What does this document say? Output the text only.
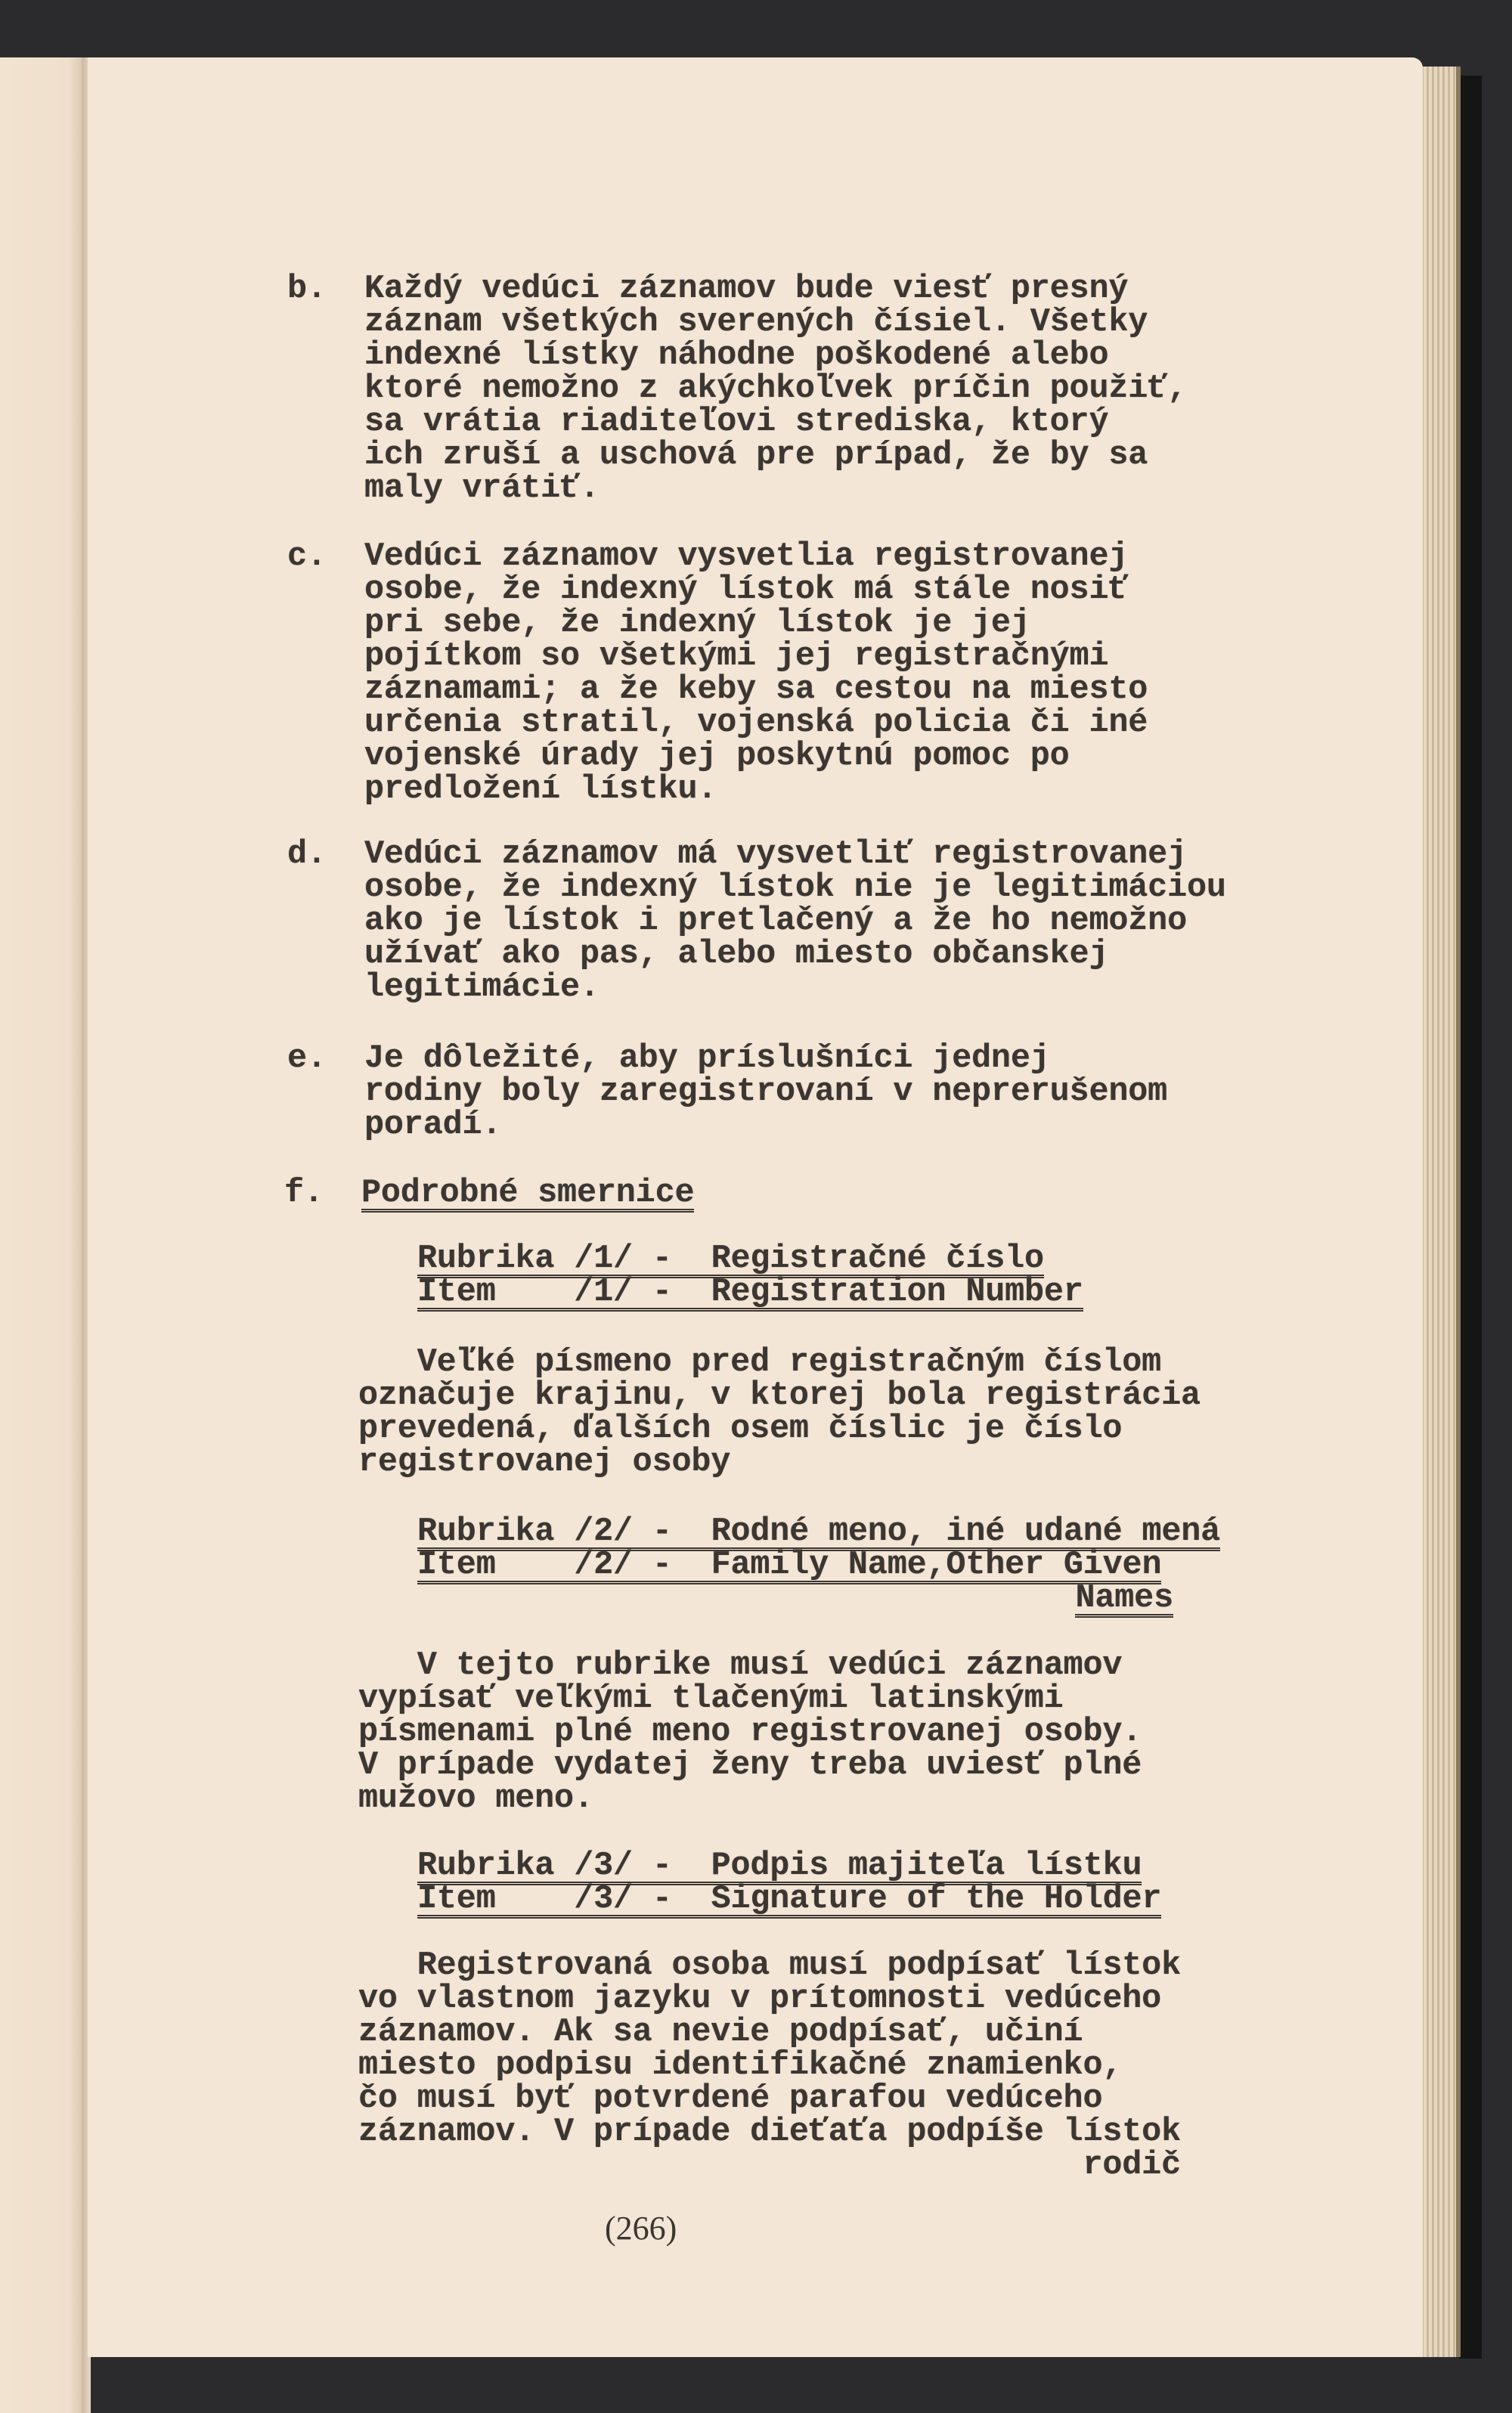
b. Každý vedúci záznamov bude viesť presný
záznam všetkých sverených čísiel. Všetky
indexné lístky náhodne poškodené alebo
ktoré nemožno z akýchkoľvek príčin použiť,
sa vrátia riaditeľovi strediska, ktorý
ich zruší a uschová pre prípad, že by sa
maly vrátiť.
c. Vedúci záznamov vysvetlia registrovanej
osobe, že indexný lístok má stále nosiť
pri sebe, že indexný lístok je jej
pojítkom so všetkými jej registračnými
záznamami; a že keby sa cestou na miesto
určenia stratil, vojenská policia či iné
vojenské úrady jej poskytnú pomoc po
predložení lístku.
d. Vedúci záznamov má vysvetliť registrovanej
osobe, že indexný lístok nie je legitimáciou
ako je lístok i pretlačený a že ho nemožno
užívať ako pas, alebo miesto občanskej
legitimácie.
e. Je dôležité, aby príslušníci jednej
rodiny boly zaregistrovaní v neprerušenom
poradí.
f. Podrobné smernice
Rubrika /1/ -  Registračné číslo
Item    /1/ -  Registration Number
Veľké písmeno pred registračným číslom
označuje krajinu, v ktorej bola registrácia
prevedená, ďalších osem číslic je číslo
registrovanej osoby
Rubrika /2/ -  Rodné meno, iné udané mená
Item    /2/ -  Family Name,Other Given
Names
V tejto rubrike musí vedúci záznamov
vypísať veľkými tlačenými latinskými
písmenami plné meno registrovanej osoby.
V prípade vydatej ženy treba uviesť plné
mužovo meno.
Rubrika /3/ -  Podpis majiteľa lístku
Item    /3/ -  Signature of the Holder
Registrovaná osoba musí podpísať lístok
vo vlastnom jazyku v prítomnosti vedúceho
záznamov. Ak sa nevie podpísať, učiní
miesto podpisu identifikačné znamienko,
čo musí byť potvrdené parafou vedúceho
záznamov. V prípade dieťaťa podpíše lístok
rodič
(266)
